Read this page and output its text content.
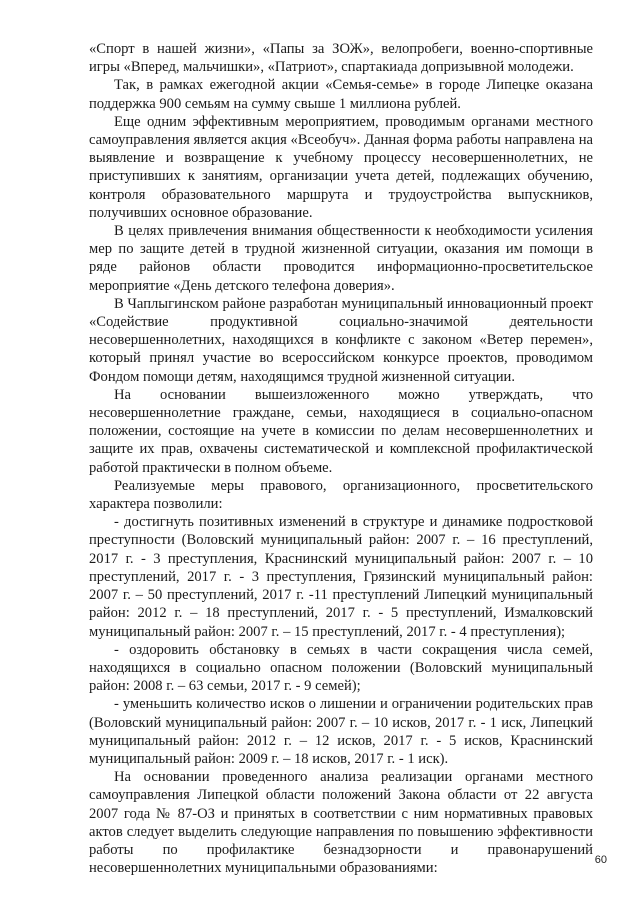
«Спорт в нашей жизни», «Папы за ЗОЖ», велопробеги, военно-спортивные игры «Вперед, мальчишки», «Патриот», спартакиада допризывной молодежи.

Так, в рамках ежегодной акции «Семья-семье» в городе Липецке оказана поддержка 900 семьям на сумму свыше 1 миллиона рублей.

Еще одним эффективным мероприятием, проводимым органами местного самоуправления является акция «Всеобуч». Данная форма работы направлена на выявление и возвращение к учебному процессу несовершеннолетних, не приступивших к занятиям, организации учета детей, подлежащих обучению, контроля образовательного маршрута и трудоустройства выпускников, получивших основное образование.

В целях привлечения внимания общественности к необходимости усиления мер по защите детей в трудной жизненной ситуации, оказания им помощи в ряде районов области проводится информационно-просветительское мероприятие «День детского телефона доверия».

В Чаплыгинском районе разработан муниципальный инновационный проект «Содействие продуктивной социально-значимой деятельности несовершеннолетних, находящихся в конфликте с законом «Ветер перемен», который принял участие во всероссийском конкурсе проектов, проводимом Фондом помощи детям, находящимся трудной жизненной ситуации.

На основании вышеизложенного можно утверждать, что несовершеннолетние граждане, семьи, находящиеся в социально-опасном положении, состоящие на учете в комиссии по делам несовершеннолетних и защите их прав, охвачены систематической и комплексной профилактической работой практически в полном объеме.

Реализуемые меры правового, организационного, просветительского характера позволили:

- достигнуть позитивных изменений в структуре и динамике подростковой преступности (Воловский муниципальный район: 2007 г. – 16 преступлений, 2017 г. - 3 преступления, Краснинский муниципальный район: 2007 г. – 10 преступлений, 2017 г. - 3 преступления, Грязинский муниципальный район: 2007 г. – 50 преступлений, 2017 г. -11 преступлений Липецкий муниципальный район: 2012 г. – 18 преступлений, 2017 г. - 5 преступлений, Измалковский муниципальный район: 2007 г. – 15 преступлений, 2017 г. - 4 преступления);

- оздоровить обстановку в семьях в части сокращения числа семей, находящихся в социально опасном положении (Воловский муниципальный район: 2008 г. – 63 семьи, 2017 г. - 9 семей);

- уменьшить количество исков о лишении и ограничении родительских прав (Воловский муниципальный район: 2007 г. – 10 исков, 2017 г. - 1 иск, Липецкий муниципальный район: 2012 г. – 12 исков, 2017 г. - 5 исков, Краснинский муниципальный район: 2009 г. – 18 исков, 2017 г. - 1 иск).

На основании проведенного анализа реализации органами местного самоуправления Липецкой области положений Закона области от 22 августа 2007 года № 87-ОЗ и принятых в соответствии с ним нормативных правовых актов следует выделить следующие направления по повышению эффективности работы по профилактике безнадзорности и правонарушений несовершеннолетних муниципальными образованиями:

60
